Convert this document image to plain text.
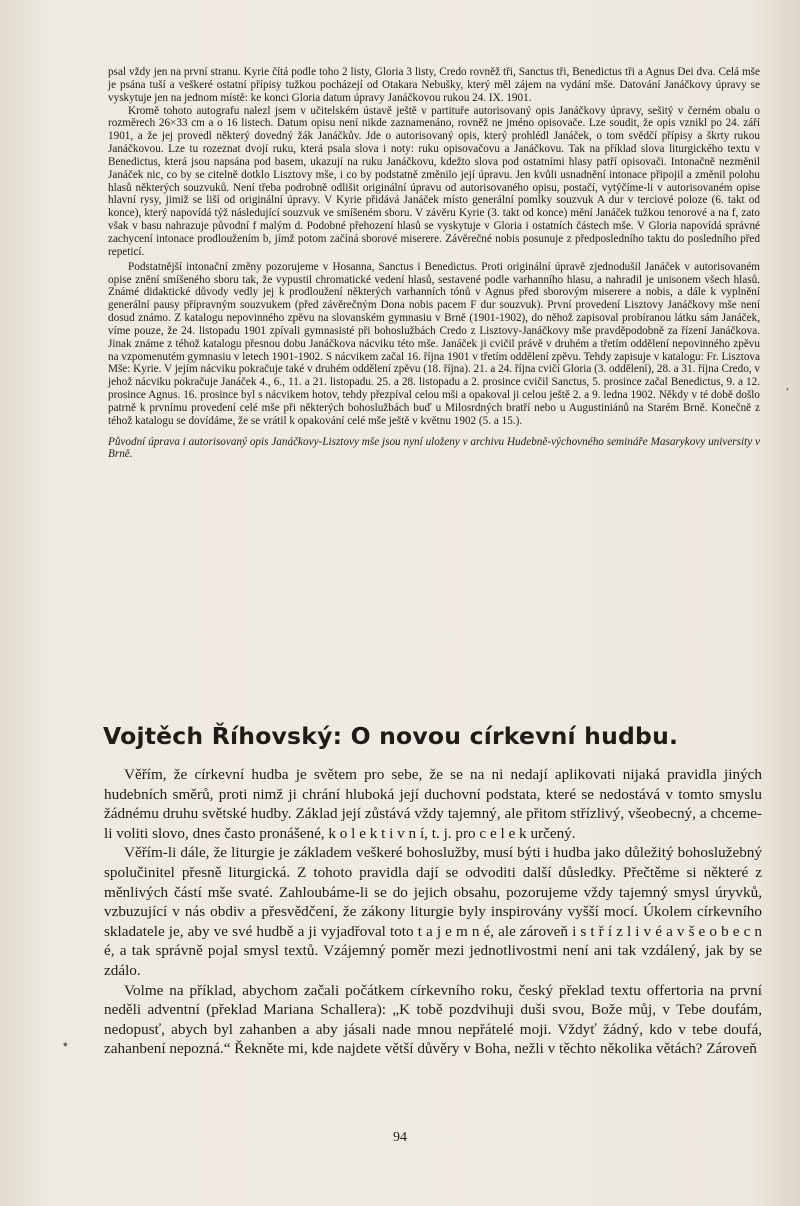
psal vždy jen na první stranu. Kyrie čítá podle toho 2 listy, Gloria 3 listy, Credo rovněž tři, Sanctus tři, Benedictus tři a Agnus Dei dva. Celá mše je psána tuší a veškeré ostatní přípisy tužkou pocházejí od Otakara Nebušky, který měl zájem na vydání mše. Datování Janáčkovy úpravy se vyskytuje jen na jednom místě: ke konci Gloria datum úpravy Janáčkovou rukou 24. IX. 1901.

Kromě tohoto autografu nalezl jsem v učitelském ústavě ještě v partituře autorisovaný opis Janáčkovy úpravy, sešitý v černém obalu o rozměrech 26×33 cm a o 16 listech. Datum opisu není nikde zaznamenáno, rovněž ne jméno opisovače. Lze soudit, že opis vznikl po 24. září 1901, a že jej provedl některý dovedný žák Janáčkův. Jde o autorisovaný opis, který prohlédl Janáček, o tom svědčí přípisy a škrty rukou Janáčkovou. Lze tu rozeznat dvojí ruku, která psala slova i noty: ruku opisovačovu a Janáčkovu. Tak na příklad slova liturgického textu v Benedictus, která jsou napsána pod basem, ukazují na ruku Janáčkovu, kdežto slova pod ostatními hlasy patří opisovači. Intonačně nezměnil Janáček nic, co by se citelně dotklo Lisztovy mše, i co by podstatně změnilo její úpravu. Jen kvůli usnadnění intonace připojil a změnil polohu hlasů některých souzvuků. Není třeba podrobně odlišit originální úpravu od autorisovaného opisu, postačí, vytýčíme-li v autorisovaném opise hlavní rysy, jimiž se liší od originální úpravy. V Kyrie přidává Janáček místo generální pomlky souzvuk A dur v terciové poloze (6. takt od konce), který napovídá týž následující souzvuk ve smíšeném sboru. V závěru Kyrie (3. takt od konce) mění Janáček tužkou tenorové a na f, zato však v basu nahrazuje původní f malým d. Podobné přehození hlasů se vyskytuje v Gloria i ostatních částech mše. V Gloria napovídá správné zachycení intonace prodloužením b, jímž potom začíná sborové miserere. Závěrečné nobis posunuje z předposledního taktu do posledního před repeticí.

Podstatnější intonační změny pozorujeme v Hosanna, Sanctus i Benedictus. Proti originální úpravě zjednodušil Janáček v autorisovaném opise znění smíšeného sboru tak, že vypustil chromatické vedení hlasů, sestavené podle varhanního hlasu, a nahradil je unisonem všech hlasů. Známé didaktické důvody vedly jej k prodloužení některých varhanních tónů v Agnus před sborovým miserere a nobis, a dále k vyplnění generální pausy přípravným souzvukem (před závěrečným Dona nobis pacem F dur souzvuk). První provedení Lisztovy Janáčkovy mše není dosud známo. Z katalogu nepovinného zpěvu na slovanském gymnasiu v Brně (1901-1902), do něhož zapisoval probíranou látku sám Janáček, víme pouze, že 24. listopadu 1901 zpívali gymnasisté při bohoslužbách Credo z Lisztovy-Janáčkovy mše pravděpodobně za řízení Janáčkova. Jinak známe z téhož katalogu přesnou dobu Janáčkova nácviku této mše. Janáček ji cvičil právě v druhém a třetím oddělení nepovinného zpěvu na vzpomenutém gymnasiu v letech 1901-1902. S nácvikem začal 16. října 1901 v třetím oddělení zpěvu. Tehdy zapisuje v katalogu: Fr. Lisztova Mše: Kyrie. V jejím nácviku pokračuje také v druhém oddělení zpěvu (18. října). 21. a 24. října cvičí Gloria (3. oddělení), 28. a 31. října Credo, v jehož nácviku pokračuje Janáček 4., 6., 11. a 21. listopadu. 25. a 28. listopadu a 2. prosince cvičil Sanctus, 5. prosince začal Benedictus, 9. a 12. prosince Agnus. 16. prosince byl s nácvikem hotov, tehdy přezpíval celou mši a opakoval ji celou ještě 2. a 9. ledna 1902. Někdy v té době došlo patrně k prvnímu provedení celé mše při některých bohoslužbách buď u Milosrdných bratří nebo u Augustiniánů na Starém Brně. Konečně z téhož katalogu se dovídáme, že se vrátil k opakování celé mše ještě v květnu 1902 (5. a 15.).

Původní úprava i autorisovaný opis Janáčkovy-Lisztovy mše jsou nyní uloženy v archivu Hudebně-výchovného semináře Masarykovy university v Brně.

Vojtěch Říhovský: O novou církevní hudbu.

Věřím, že církevní hudba je světem pro sebe, že se na ni nedají aplikovati nijaká pravidla jiných hudebních směrů, proti nimž ji chrání hluboká její duchovní podstata, které se nedostává v tomto smyslu žádnému druhu světské hudby. Základ její zůstává vždy tajemný, ale přitom střízlivý, všeobecný, a chceme-li voliti slovo, dnes často pronášené, k o l e k t i v n í, t. j. pro c e l e k určený.

Věřím-li dále, že liturgie je základem veškeré bohoslužby, musí býti i hudba jako důležitý bohoslužebný spolučinitel přesně liturgická. Z tohoto pravidla dají se odvoditi další důsledky. Přečtěme si některé z měnlivých částí mše svaté. Zahloubáme-li se do jejich obsahu, pozorujeme vždy tajemný smysl úryvků, vzbuzující v nás obdiv a přesvědčení, že zákony liturgie byly inspirovány vyšší mocí. Úkolem církevního skladatele je, aby ve své hudbě a ji vyjadřoval toto t a j e m n é, ale zároveň i s t ř í z l i v é a v š e o b e c n é, a tak správně pojal smysl textů. Vzájemný poměr mezi jednotlivostmi není ani tak vzdálený, jak by se zdálo.

Volme na příklad, abychom začali počátkem církevního roku, český překlad textu offertoria na první neděli adventní (překlad Mariana Schallera): „K tobě pozdvihuji duši svou, Bože můj, v Tebe doufám, nedopusť, abych byl zahanben a aby jásali nade mnou nepřátelé moji. Vždyť žádný, kdo v tebe doufá, zahanbení nepozná.“ Řekněte mi, kde najdete větší důvěry v Boha, nežli v těchto několika větách? Zároveň

94
,
٭
